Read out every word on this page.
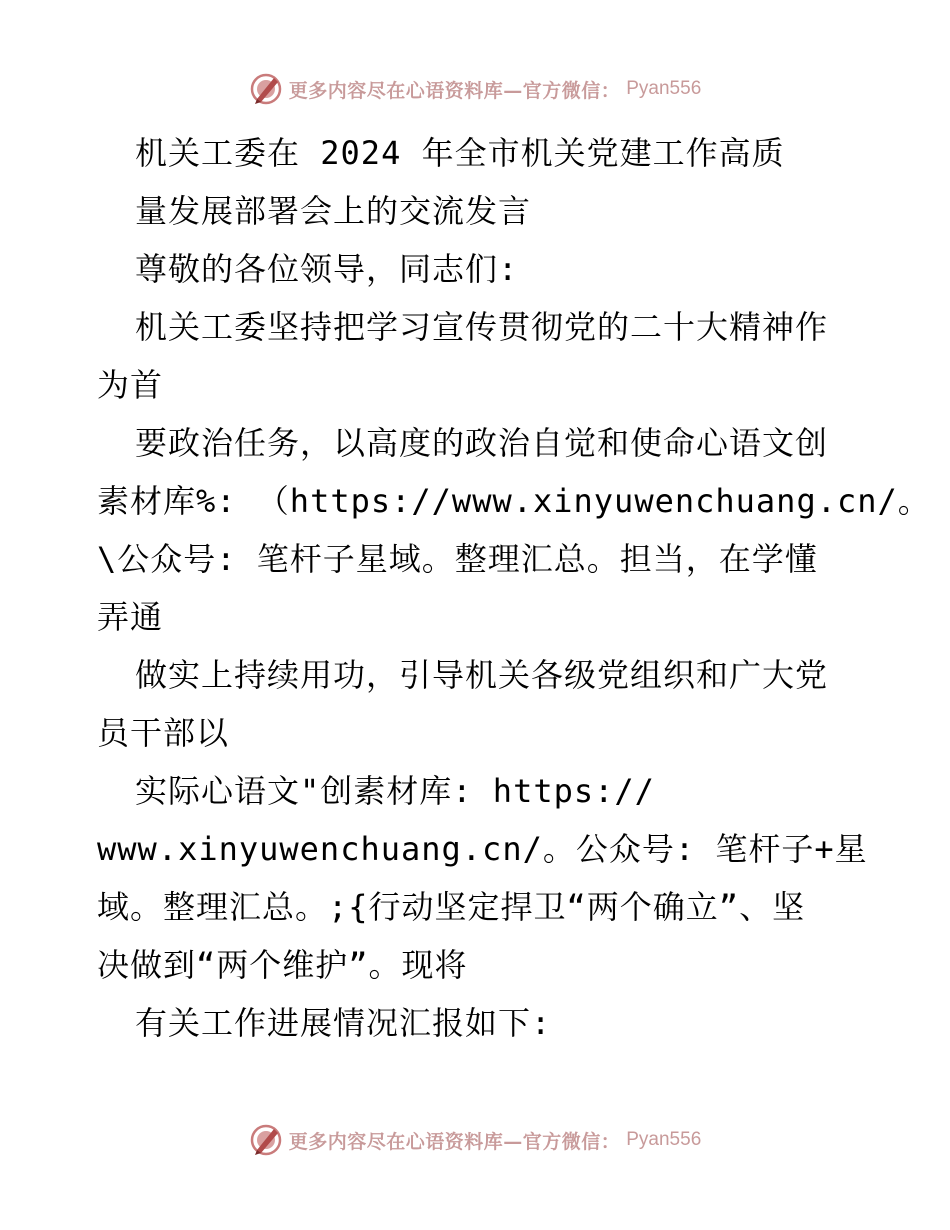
更多内容尽在心语资料库—官方微信： Pyan556
机关工委在 2024 年全市机关党建工作高质
量发展部署会上的交流发言
尊敬的各位领导，同志们:
机关工委坚持把学习宣传贯彻党的二十大精神作
为首
要政治任务，以高度的政治自觉和使命心语文创
素材库%: （https://www.xinyuwenchuang.cn/。
\公众号: 笔杆子星域。整理汇总。担当，在学懂
弄通
做实上持续用功，引导机关各级党组织和广大党
员干部以
实际心语文"创素材库: https://
www.xinyuwenchuang.cn/。公众号: 笔杆子+星
域。整理汇总。;{行动坚定捍卫“两个确立”、坚
决做到“两个维护”。现将
有关工作进展情况汇报如下:
更多内容尽在心语资料库—官方微信： Pyan556
